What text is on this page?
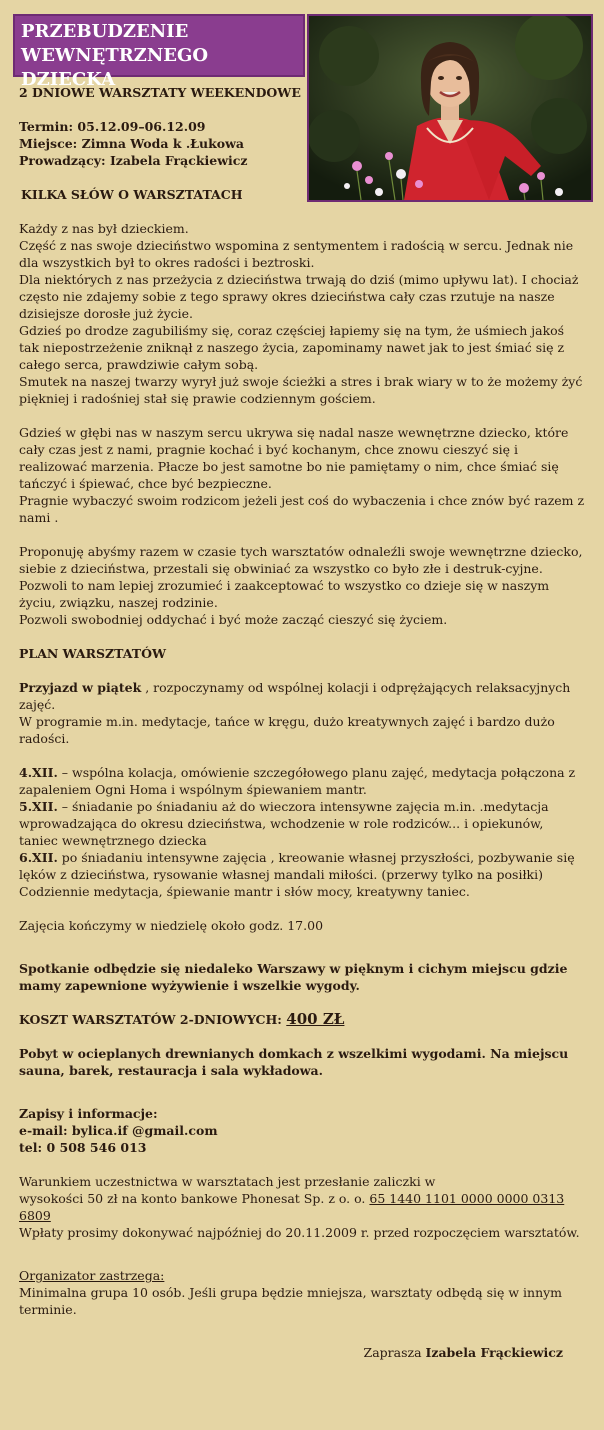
PRZEBUDZENIE
WEWNĘTRZNEGO DZIECKA

2 DNIOWE WARSZTATY WEEKENDOWE

Termin: 05.12.09–06.12.09

Miejsce: Zimna Woda k .Łukowa

Prowadzący: Izabela Frąckiewicz

KILKA SŁÓW O WARSZTATACH

Każdy z nas był dzieckiem.

Część z nas swoje dzieciństwo wspomina z sentymentem i radością w sercu. Jednak nie dla wszystkich był to okres radości i beztroski.

Dla niektórych z nas przeżycia z dzieciństwa trwają do dziś (mimo upływu lat). I chociaż często nie zdajemy sobie z tego sprawy okres dzieciństwa cały czas rzutuje na nasze dzisiejsze dorosłe już życie.

Gdzieś po drodze zagubiliśmy się, coraz częściej łapiemy się na tym, że uśmiech jakoś tak niepostrzeżenie zniknął z naszego życia, zapominamy nawet jak to jest śmiać się z całego serca, prawdziwie całym sobą.

Smutek na naszej twarzy wyrył już swoje ścieżki a stres i brak wiary w to że możemy żyć piękniej i radośniej stał się prawie codziennym gościem.

Gdzieś w głębi nas w naszym sercu ukrywa się nadal nasze wewnętrzne dziecko, które cały czas jest z nami, pragnie kochać i być kochanym, chce znowu cieszyć się i realizować marzenia. Płacze bo jest samotne bo nie pamiętamy o nim, chce śmiać się tańczyć i śpiewać, chce być bezpieczne.

Pragnie wybaczyć swoim rodzicom jeżeli jest coś do wybaczenia i chce znów być razem z nami .

Proponuję abyśmy razem w czasie tych warsztatów odnaleźli swoje wewnętrzne dziecko, siebie z dzieciństwa, przestali się obwiniać za wszystko co było złe i destruk-cyjne.

Pozwoli to nam lepiej zrozumieć i zaakceptować to wszystko co dzieje się w naszym życiu, związku, naszej rodzinie.

Pozwoli swobodniej oddychać i być może zacząć cieszyć się życiem.

PLAN WARSZTATÓW

Przyjazd w piątek , rozpoczynamy od wspólnej kolacji i odprężających relaksacyjnych zajęć.

W programie m.in. medytacje, tańce w kręgu, dużo kreatywnych zajęć i bardzo dużo radości.

4.XII. – wspólna kolacja, omówienie szczegółowego planu zajęć, medytacja połączona z zapaleniem Ogni Homa i wspólnym śpiewaniem mantr.

5.XII. – śniadanie po śniadaniu aż do wieczora intensywne zajęcia m.in. .medytacja wprowadzająca do okresu dzieciństwa, wchodzenie w role rodziców... i opiekunów, taniec wewnętrznego dziecka

6.XII. po śniadaniu intensywne zajęcia , kreowanie własnej przyszłości, pozbywanie się lęków z dzieciństwa, rysowanie własnej mandali miłości. (przerwy tylko na posiłki)

Codziennie medytacja, śpiewanie mantr i słów mocy, kreatywny taniec.

Zajęcia kończymy w niedzielę około godz. 17.00

Spotkanie odbędzie się niedaleko Warszawy w pięknym i cichym miejscu gdzie mamy zapewnione wyżywienie i wszelkie wygody.

KOSZT WARSZTATÓW 2-DNIOWYCH: 400 ZŁ

Pobyt w ocieplanych drewnianych domkach z wszelkimi wygodami. Na miejscu sauna, barek, restauracja i sala wykładowa.

Zapisy i informacje:

e-mail: bylica.if @gmail.com

tel: 0 508 546 013

Warunkiem uczestnictwa w warsztatach jest przesłanie zaliczki w

wysokości 50 zł na konto bankowe Phonesat Sp. z o. o. 65 1440 1101 0000 0000 0313 6809

Wpłaty prosimy dokonywać najpóźniej do 20.11.2009 r. przed rozpoczęciem warsztatów.

Organizator zastrzega:

Minimalna grupa 10 osób. Jeśli grupa będzie mniejsza, warsztaty odbędą się w innym terminie.

Zaprasza Izabela Frąckiewicz
